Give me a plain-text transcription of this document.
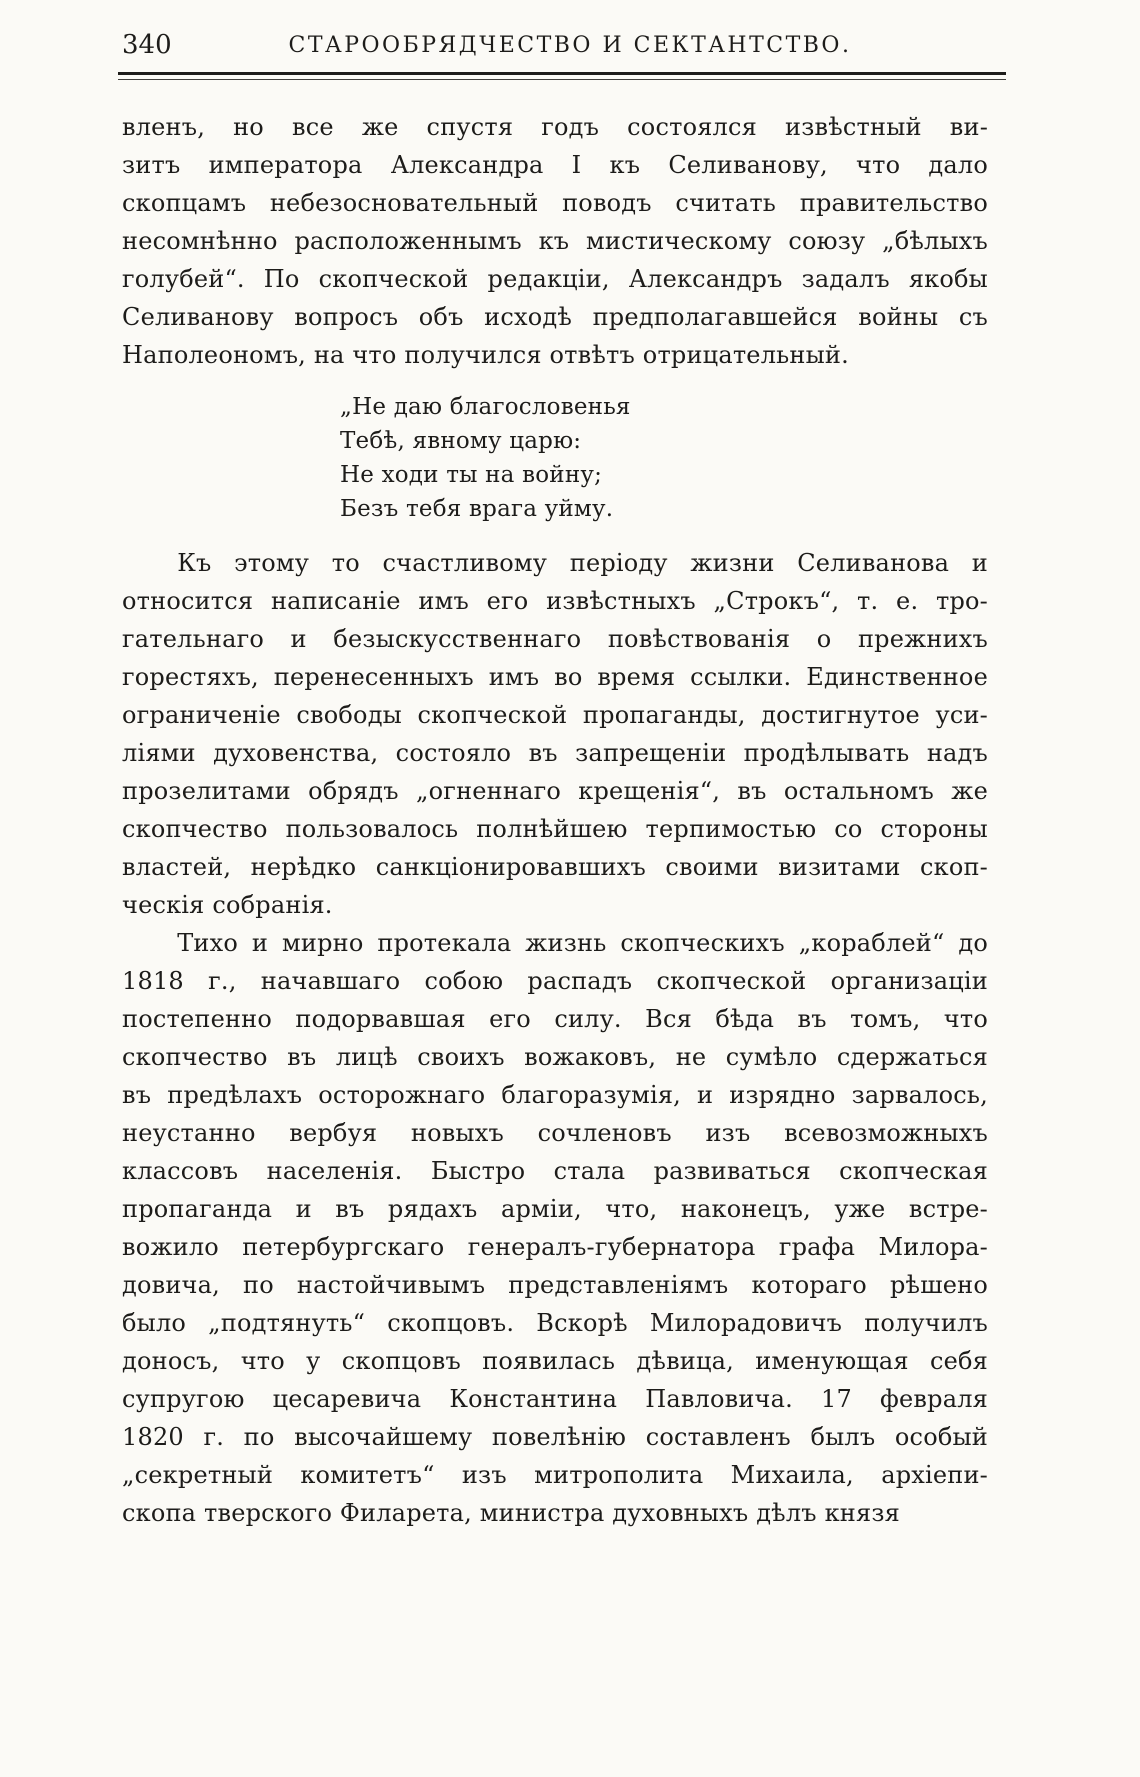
340	СТАРООБРЯДЧЕСТВО И СЕКТАНТСТВО.
вленъ, но все же спустя годъ состоялся извѣстный ви-
зитъ императора Александра I къ Селиванову, что дало
скопцамъ небезосновательный поводъ считать правительство
несомнѣнно расположеннымъ къ мистическому союзу „бѣлыхъ
голубей“. По скопческой редакціи, Александръ задалъ якобы
Селиванову вопросъ объ исходѣ предполагавшейся войны съ
Наполеономъ, на что получился отвѣтъ отрицательный.
„Не даю благословенья
Тебѣ, явному царю:
Не ходи ты на войну;
Безъ тебя врага уйму.
Къ этому то счастливому періоду жизни Селиванова и
относится написаніе имъ его извѣстныхъ „Строкъ“, т. е. тро-
гательнаго и безыскусственнаго повѣствованія о прежнихъ
горестяхъ, перенесенныхъ имъ во время ссылки. Единственное
ограниченіе свободы скопческой пропаганды, достигнутое уси-
ліями духовенства, состояло въ запрещеніи продѣлывать надъ
прозелитами обрядъ „огненнаго крещенія“, въ остальномъ же
скопчество пользовалось полнѣйшею терпимостью со стороны
властей, нерѣдко санкціонировавшихъ своими визитами скоп-
ческія собранія.
Тихо и мирно протекала жизнь скопческихъ „кораблей“ до
1818 г., начавшаго собою распадъ скопческой организаціи
постепенно подорвавшая его силу. Вся бѣда въ томъ, что
скопчество въ лицѣ своихъ вожаковъ, не сумѣло сдержаться
въ предѣлахъ осторожнаго благоразумія, и изрядно зарвалось,
неустанно вербуя новыхъ сочленовъ изъ всевозможныхъ
классовъ населенія. Быстро стала развиваться скопческая
пропаганда и въ рядахъ арміи, что, наконецъ, уже встре-
вожило петербургскаго генералъ-губернатора графа Милора-
довича, по настойчивымъ представленіямъ котораго рѣшено
было „подтянуть“ скопцовъ. Вскорѣ Милорадовичъ получилъ
доносъ, что у скопцовъ появилась дѣвица, именующая себя
супругою цесаревича Константина Павловича. 17 февраля
1820 г. по высочайшему повелѣнію составленъ былъ особый
„секретный комитетъ“ изъ митрополита Михаила, архіепи-
скопа тверского Филарета, министра духовныхъ дѣлъ князя
